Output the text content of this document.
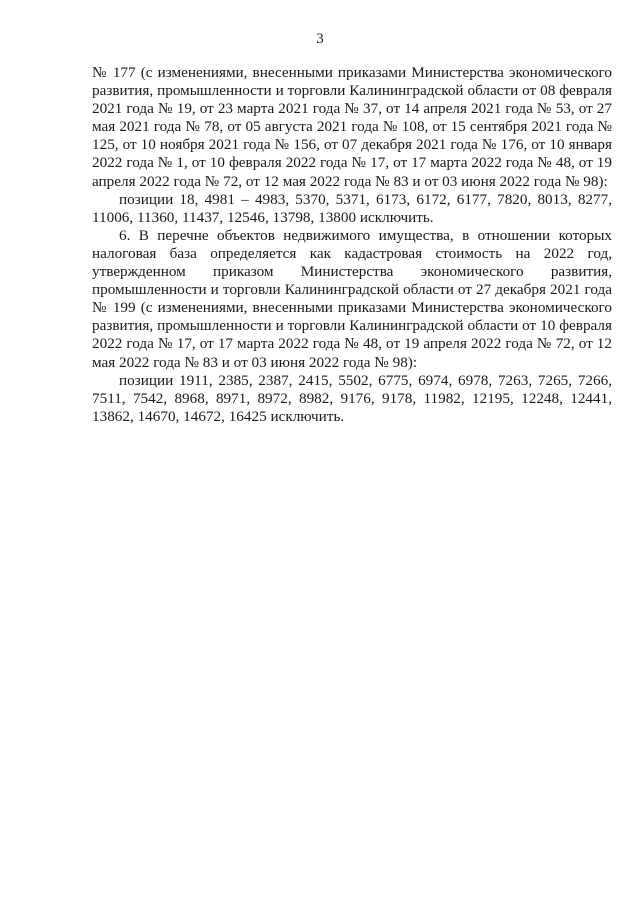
3

№ 177 (с изменениями, внесенными приказами Министерства экономического развития, промышленности и торговли Калининградской области от 08 февраля 2021 года № 19, от 23 марта 2021 года № 37, от 14 апреля 2021 года № 53, от 27 мая 2021 года № 78, от 05 августа 2021 года № 108, от 15 сентября 2021 года № 125, от 10 ноября 2021 года № 156, от 07 декабря 2021 года № 176, от 10 января 2022 года № 1, от 10 февраля 2022 года № 17, от 17 марта 2022 года № 48, от 19 апреля 2022 года № 72, от 12 мая 2022 года № 83 и от 03 июня 2022 года № 98):

позиции 18, 4981 – 4983, 5370, 5371, 6173, 6172, 6177, 7820, 8013, 8277, 11006, 11360, 11437, 12546, 13798, 13800 исключить.

6. В перечне объектов недвижимого имущества, в отношении которых налоговая база определяется как кадастровая стоимость на 2022 год, утвержденном приказом Министерства экономического развития, промышленности и торговли Калининградской области от 27 декабря 2021 года № 199 (с изменениями, внесенными приказами Министерства экономического развития, промышленности и торговли Калининградской области от 10 февраля 2022 года № 17, от 17 марта 2022 года № 48, от 19 апреля 2022 года № 72, от 12 мая 2022 года № 83 и от 03 июня 2022 года № 98):

позиции 1911, 2385, 2387, 2415, 5502, 6775, 6974, 6978, 7263, 7265, 7266, 7511, 7542, 8968, 8971, 8972, 8982, 9176, 9178, 11982, 12195, 12248, 12441, 13862, 14670, 14672, 16425 исключить.
